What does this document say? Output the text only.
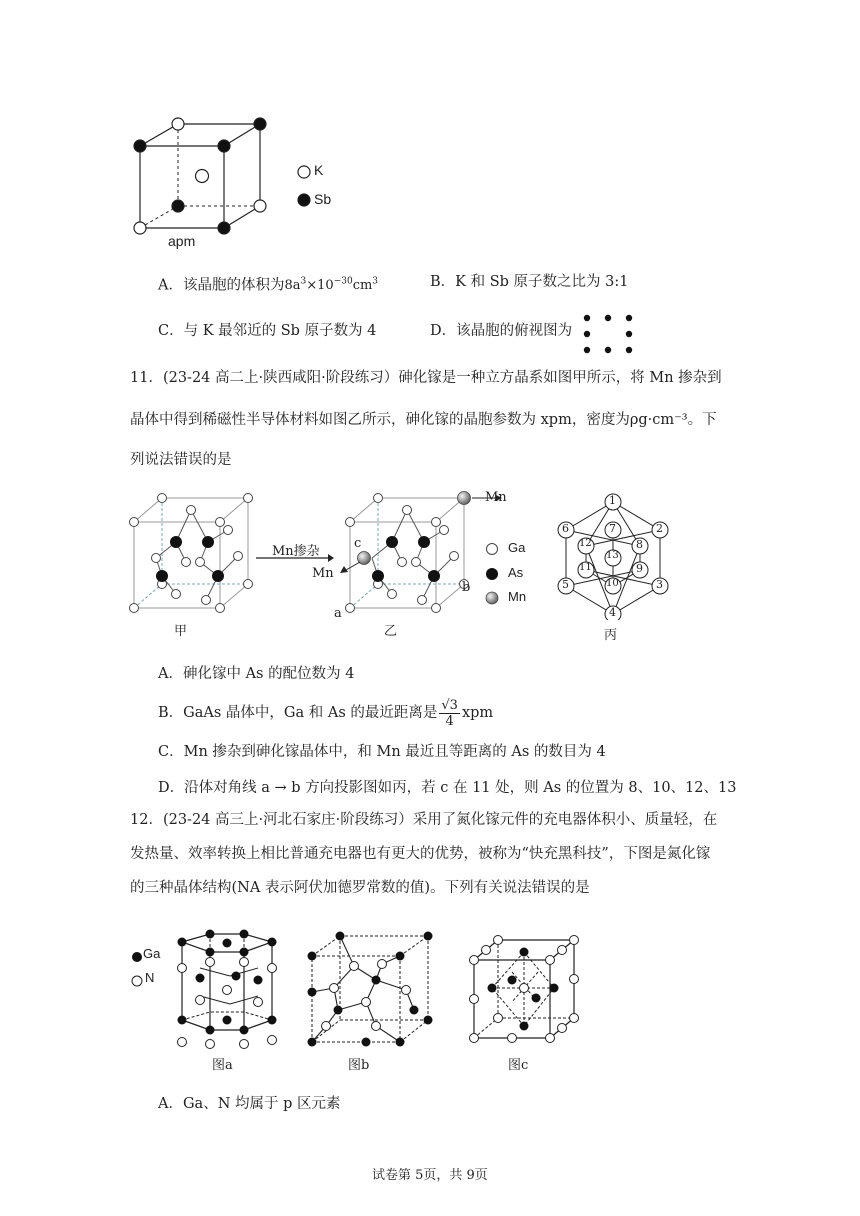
apm
K
Sb
A．该晶胞的体积为$8a^3\times 10^{-30}cm^3$	B．K 和 Sb 原子数之比为 3:1
C．与 K 最邻近的 Sb 原子数为 4	D．该晶胞的俯视图为
11．(23-24 高二上·陕西咸阳·阶段练习）砷化镓是一种立方晶系如图甲所示，将 Mn 掺杂到
晶体中得到稀磁性半导体材料如图乙所示，砷化镓的晶胞参数为 xpm，密度为ρg·cm⁻³。下
列说法错误的是
甲
Mn掺杂
Mn
Mn
c
a
b
乙
Ga
As
Mn
1
2
3
4
5
6	7
8
9
10
11
12
13
丙
A．砷化镓中 As 的配位数为 4
B．GaAs 晶体中，Ga 和 As 的最近距离是 $\frac{√3}{4}$ xpm
C．Mn 掺杂到砷化镓晶体中，和 Mn 最近且等距离的 As 的数目为 4
D．沿体对角线 a → b 方向投影图如丙，若 c 在 11 处，则 As 的位置为 8、10、12、13
12．(23-24 高三上·河北石家庄·阶段练习）采用了氮化镓元件的充电器体积小、质量轻，在
发热量、效率转换上相比普通充电器也有更大的优势，被称为“快充黑科技”，下图是氮化镓
的三种晶体结构(NA 表示阿伏加德罗常数的值)。下列有关说法错误的是
Ga
N
图a	图b	图c
A．Ga、N 均属于 p 区元素
试卷第 5页，共 9页
